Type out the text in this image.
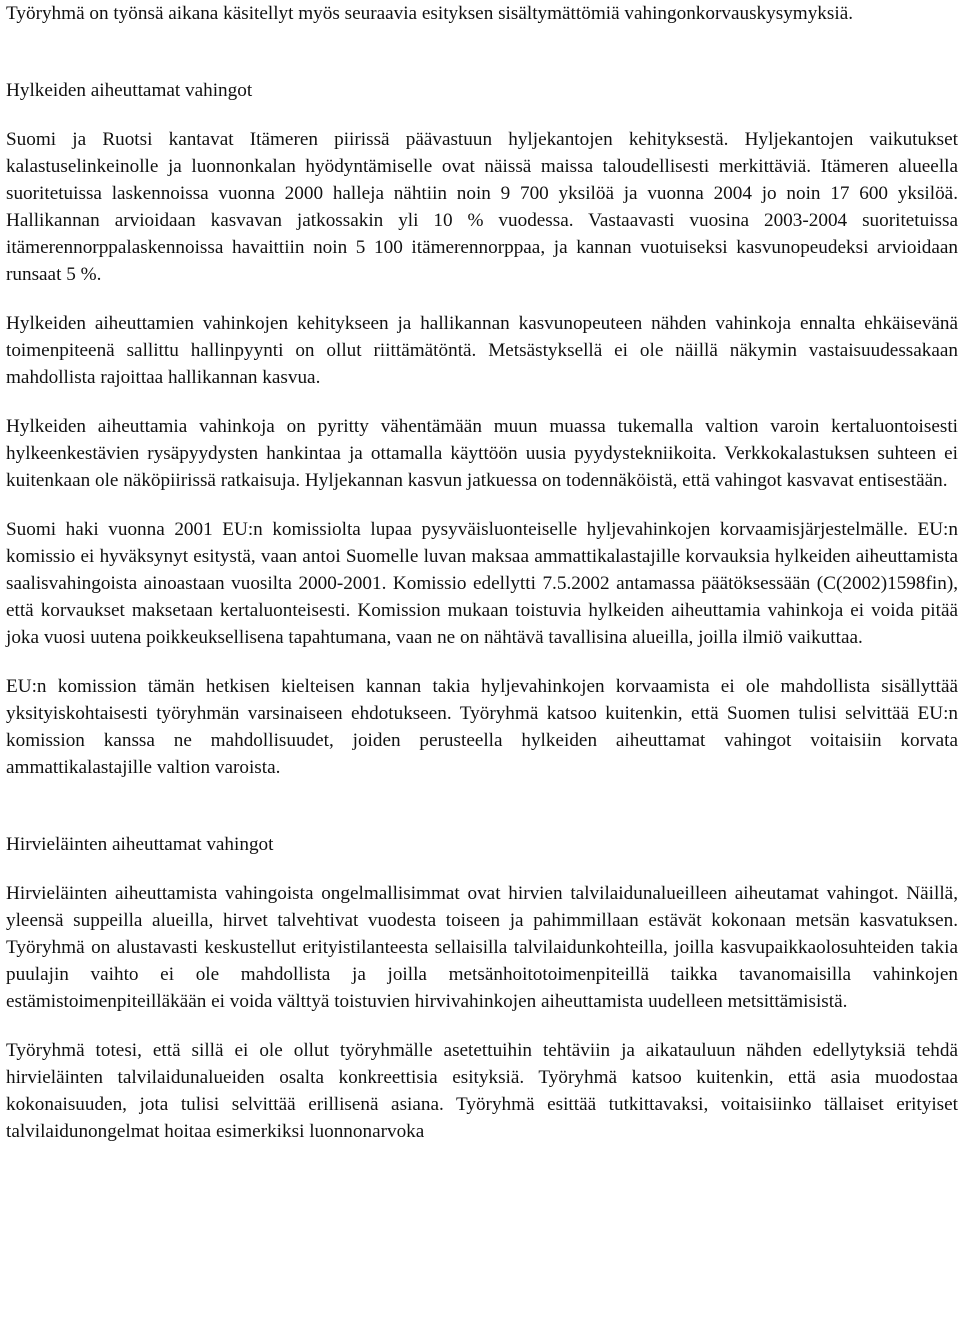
Työryhmä on työnsä aikana käsitellyt myös seuraavia esityksen sisältymättömiä vahingonkorvauskysymyksiä.

Hylkeiden aiheuttamat vahingot

Suomi ja Ruotsi kantavat Itämeren piirissä päävastuun hyljekantojen kehityksestä. Hyljekantojen vaikutukset kalastuselinkeinolle ja luonnonkalan hyödyntämiselle ovat näissä maissa taloudellisesti merkittäviä. Itämeren alueella suoritetuissa laskennoissa vuonna 2000 halleja nähtiin noin 9 700 yksilöä ja vuonna 2004 jo noin 17 600 yksilöä. Hallikannan arvioidaan kasvavan jatkossakin yli 10 % vuodessa. Vastaavasti vuosina 2003-2004 suoritetuissa itämerennorppalaskennoissa havaittiin noin 5 100 itämerennorppaa, ja kannan vuotuiseksi kasvunopeudeksi arvioidaan runsaat 5 %.

Hylkeiden aiheuttamien vahinkojen kehitykseen ja hallikannan kasvunopeuteen nähden vahinkoja ennalta ehkäisevänä toimenpiteenä sallittu hallinpyynti on ollut riittämätöntä. Metsästyksellä ei ole näillä näkymin vastaisuudessakaan mahdollista rajoittaa hallikannan kasvua.

Hylkeiden aiheuttamia vahinkoja on pyritty vähentämään muun muassa tukemalla valtion varoin kertaluontoisesti hylkeenkestävien rysäpyydysten hankintaa ja ottamalla käyttöön uusia pyydystekniikoita. Verkkokalastuksen suhteen ei kuitenkaan ole näköpiirissä ratkaisuja. Hyljekannan kasvun jatkuessa on todennäköistä, että vahingot kasvavat entisestään.

Suomi haki vuonna 2001 EU:n komissiolta lupaa pysyväisluonteiselle hyljevahinkojen korvaamisjärjestelmälle. EU:n komissio ei hyväksynyt esitystä, vaan antoi Suomelle luvan maksaa ammattikalastajille korvauksia hylkeiden aiheuttamista saalisvahingoista ainoastaan vuosilta 2000-2001. Komissio edellytti 7.5.2002 antamassa päätöksessään (C(2002)1598fin), että korvaukset maksetaan kertaluonteisesti. Komission mukaan toistuvia hylkeiden aiheuttamia vahinkoja ei voida pitää joka vuosi uutena poikkeuksellisena tapahtumana, vaan ne on nähtävä tavallisina alueilla, joilla ilmiö vaikuttaa.

EU:n komission tämän hetkisen kielteisen kannan takia hyljevahinkojen korvaamista ei ole mahdollista sisällyttää yksityiskohtaisesti työryhmän varsinaiseen ehdotukseen. Työryhmä katsoo kuitenkin, että Suomen tulisi selvittää EU:n komission kanssa ne mahdollisuudet, joiden perusteella hylkeiden aiheuttamat vahingot voitaisiin korvata ammattikalastajille valtion varoista.

Hirvieläinten aiheuttamat vahingot

Hirvieläinten aiheuttamista vahingoista ongelmallisimmat ovat hirvien talvilaidunalueilleen aiheutamat vahingot. Näillä, yleensä suppeilla alueilla, hirvet talvehtivat vuodesta toiseen ja pahimmillaan estävät kokonaan metsän kasvatuksen. Työryhmä on alustavasti keskustellut erityistilanteesta sellaisilla talvilaidunkohteilla, joilla kasvupaikkaolosuhteiden takia puulajin vaihto ei ole mahdollista ja joilla metsänhoitotoimenpiteillä taikka tavanomaisilla vahinkojen estämistoimenpiteilläkään ei voida välttyä toistuvien hirvivahinkojen aiheuttamista uudelleen metsittämisistä.

Työryhmä totesi, että sillä ei ole ollut työryhmälle asetettuihin tehtäviin ja aikatauluun nähden edellytyksiä tehdä hirvieläinten talvilaidunalueiden osalta konkreettisia esityksiä. Työryhmä katsoo kuitenkin, että asia muodostaa kokonaisuuden, jota tulisi selvittää erillisenä asiana. Työryhmä esittää tutkittavaksi, voitaisiinko tällaiset erityiset talvilaidunongelmat hoitaa esimerkiksi luonnonarvoka
